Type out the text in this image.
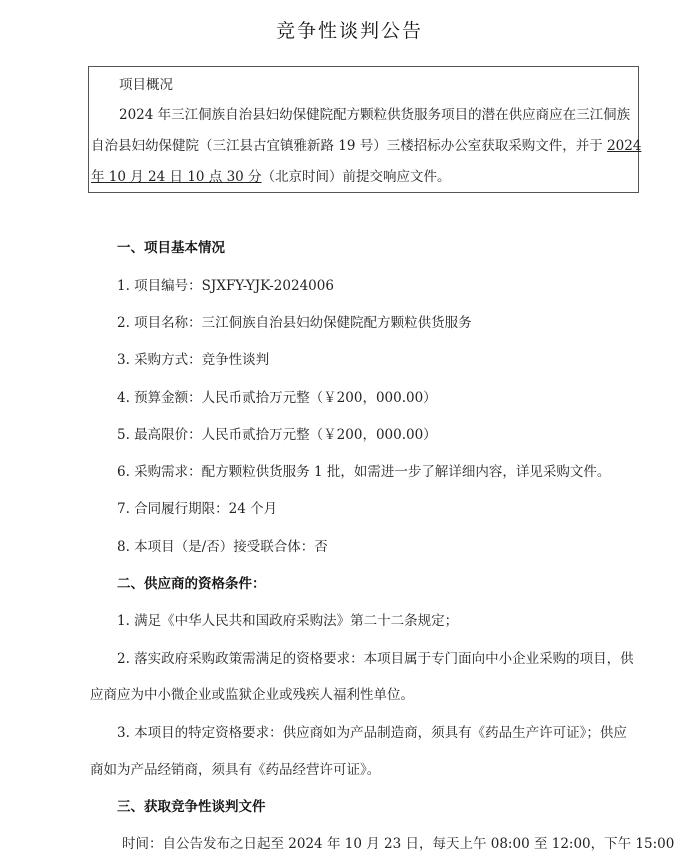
竞争性谈判公告
项目概况
2024 年三江侗族自治县妇幼保健院配方颗粒供货服务项目的潜在供应商应在三江侗族
自治县妇幼保健院（三江县古宜镇雅新路 19 号）三楼招标办公室获取采购文件，并于 2024
年 10 月 24 日 10 点 30 分（北京时间）前提交响应文件。
一、项目基本情况
1. 项目编号：SJXFY-YJK-2024006
2. 项目名称：三江侗族自治县妇幼保健院配方颗粒供货服务
3. 采购方式：竞争性谈判
4. 预算金额：人民币贰拾万元整（￥200，000.00）
5. 最高限价：人民币贰拾万元整（￥200，000.00）
6. 采购需求：配方颗粒供货服务 1 批，如需进一步了解详细内容，详见采购文件。
7. 合同履行期限：24 个月
8. 本项目（是/否）接受联合体：否
二、供应商的资格条件：
1. 满足《中华人民共和国政府采购法》第二十二条规定；
2. 落实政府采购政策需满足的资格要求：本项目属于专门面向中小企业采购的项目，供
应商应为中小微企业或监狱企业或残疾人福利性单位。
3. 本项目的特定资格要求：供应商如为产品制造商，须具有《药品生产许可证》；供应
商如为产品经销商，须具有《药品经营许可证》。
三、获取竞争性谈判文件
时间：自公告发布之日起至 2024 年 10 月 23 日，每天上午 08:00 至 12:00，下午 15:00
